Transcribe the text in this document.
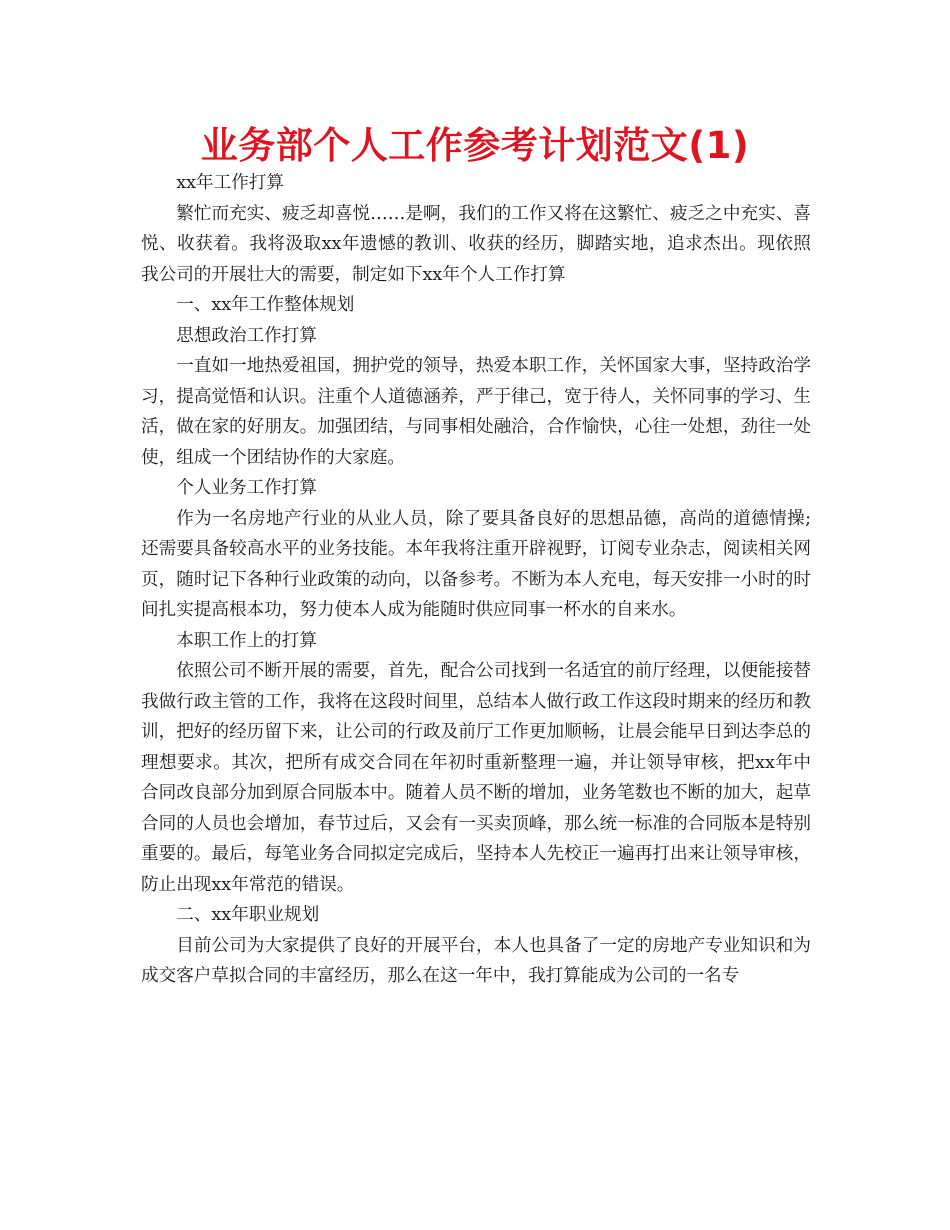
业务部个人工作参考计划范文(1)

xx年工作打算

繁忙而充实、疲乏却喜悦……是啊，我们的工作又将在这繁忙、疲乏之中充实、喜悦、收获着。我将汲取xx年遗憾的教训、收获的经历，脚踏实地，追求杰出。现依照我公司的开展壮大的需要，制定如下xx年个人工作打算

一、xx年工作整体规划

思想政治工作打算

一直如一地热爱祖国，拥护党的领导，热爱本职工作，关怀国家大事，坚持政治学习，提高觉悟和认识。注重个人道德涵养，严于律己，宽于待人，关怀同事的学习、生活，做在家的好朋友。加强团结，与同事相处融洽，合作愉快，心往一处想，劲往一处使，组成一个团结协作的大家庭。

个人业务工作打算

作为一名房地产行业的从业人员，除了要具备良好的思想品德，高尚的道德情操;还需要具备较高水平的业务技能。本年我将注重开辟视野，订阅专业杂志，阅读相关网页，随时记下各种行业政策的动向，以备参考。不断为本人充电，每天安排一小时的时间扎实提高根本功，努力使本人成为能随时供应同事一杯水的自来水。

本职工作上的打算

依照公司不断开展的需要，首先，配合公司找到一名适宜的前厅经理，以便能接替我做行政主管的工作，我将在这段时间里，总结本人做行政工作这段时期来的经历和教训，把好的经历留下来，让公司的行政及前厅工作更加顺畅，让晨会能早日到达李总的理想要求。其次，把所有成交合同在年初时重新整理一遍，并让领导审核，把xx年中合同改良部分加到原合同版本中。随着人员不断的增加，业务笔数也不断的加大，起草合同的人员也会增加，春节过后，又会有一买卖顶峰，那么统一标准的合同版本是特别重要的。最后，每笔业务合同拟定完成后，坚持本人先校正一遍再打出来让领导审核，防止出现xx年常范的错误。

二、xx年职业规划

目前公司为大家提供了良好的开展平台，本人也具备了一定的房地产专业知识和为成交客户草拟合同的丰富经历，那么在这一年中，我打算能成为公司的一名专
